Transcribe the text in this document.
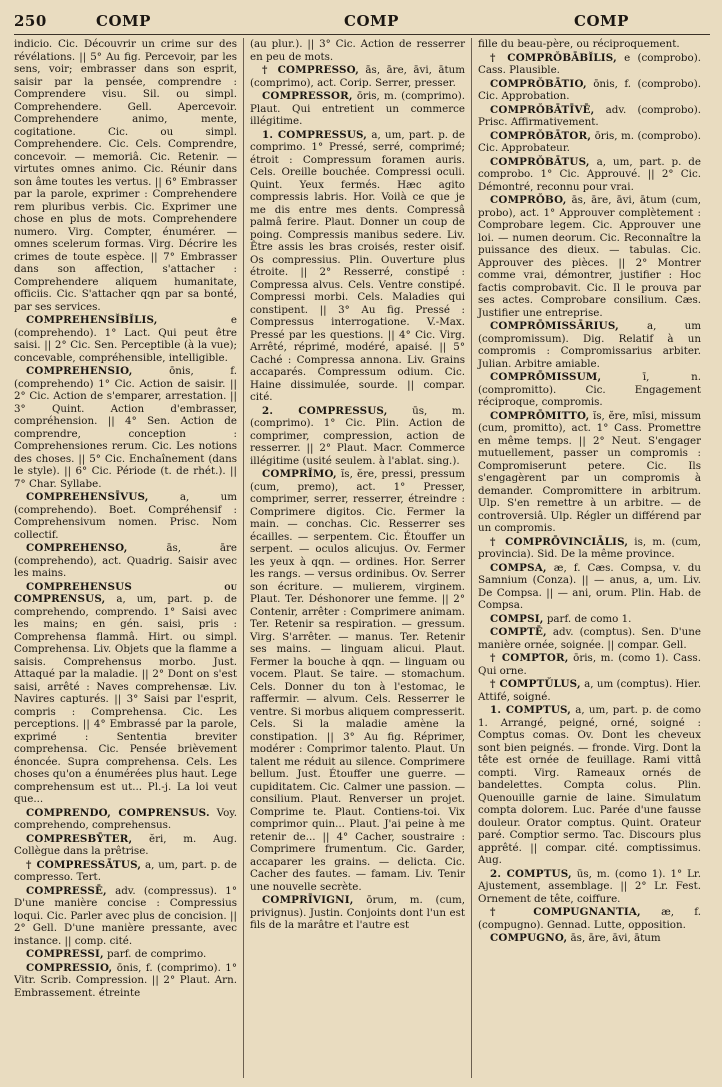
250	COMP	COMP	COMP

indicio. Cic. Découvrir un crime sur des révélations. || 5° Au fig. Percevoir, par les sens, voir; embrasser dans son esprit, saisir par la pensée, comprendre : Comprendere visu. Sil. ou simpl. Comprehendere. Gell. Apercevoir. Comprehendere animo, mente, cogitatione. Cic. ou simpl. Comprehendere. Cic. Cels. Comprendre, concevoir. — memoriâ. Cic. Retenir. — virtutes omnes animo. Cic. Réunir dans son âme toutes les vertus. || 6° Embrasser par la parole, exprimer : Comprehendere rem pluribus verbis. Cic. Exprimer une chose en plus de mots. Comprehendere numero. Virg. Compter, énumérer. — omnes scelerum formas. Virg. Décrire les crimes de toute espèce. || 7° Embrasser dans son affection, s'attacher : Comprehendere aliquem humanitate, officiis. Cic. S'attacher qqn par sa bonté, par ses services.

COMPREHENSĬBĬLIS,	e (comprehendo). 1° Lact. Qui peut être saisi. || 2° Cic. Sen. Perceptible (à la vue); concevable, compréhensible, intelligible.

COMPREHENSIO,	ōnis, f. (comprehendo) 1° Cic. Action de saisir. || 2° Cic. Action de s'emparer, arrestation. || 3° Quint. Action d'embrasser, compréhension. || 4° Sen. Action de comprendre, conception : Comprehensiones rerum. Cic. Les notions des choses. || 5° Cic. Enchaînement (dans le style). || 6° Cic. Période (t. de rhét.). || 7° Char. Syllabe.

COMPREHENSĪVUS,	a, um (comprehendo). Boet. Compréhensif : Comprehensivum nomen. Prisc. Nom collectif.

COMPREHENSO,	ās, āre (comprehendo), act. Quadrig. Saisir avec les mains.

COMPREHENSUS ou COMPRENSUS, a, um, part. p. de comprehendo, comprendo. 1° Saisi avec les mains; en gén. saisi, pris : Comprehensa flammâ. Hirt. ou simpl. Comprehensa. Liv. Objets que la flamme a saisis. Comprehensus morbo. Just. Attaqué par la maladie. || 2° Dont on s'est saisi, arrêté : Naves comprehensæ. Liv. Navires capturés. || 3° Saisi par l'esprit, compris : Comprehensa. Cic. Les perceptions. || 4° Embrassé par la parole, exprimé : Sententia breviter comprehensa. Cic. Pensée brièvement énoncée. Supra comprehensa. Cels. Les choses qu'on a énumérées plus haut. Lege comprehensum est ut... Pl.-j. La loi veut que...

COMPRENDO, COMPRENSUS. Voy. comprehendo, comprehensus.

COMPRESBȲTER, ĕri, m. Aug. Collègue dans la prêtrise.

† COMPRESSĀTUS, a, um, part. p. de compresso. Tert.

COMPRESSĒ, adv. (compressus). 1° D'une manière concise : Compressius loqui. Cic. Parler avec plus de concision. || 2° Gell. D'une manière pressante, avec instance. || comp. cité.

COMPRESSI, parf. de comprimo.

COMPRESSIO, ōnis, f. (comprimo). 1° Vitr. Scrib. Compression. || 2° Plaut. Arn. Embrassement. étreinte

(au plur.). || 3° Cic. Action de resserrer en peu de mots.

† COMPRESSO, ās, āre, āvi, ātum (comprimo), act. Corip. Serrer, presser.

COMPRESSOR, ōris, m. (comprimo). Plaut. Qui entretient un commerce illégitime.

1. COMPRESSUS, a, um, part. p. de comprimo. 1° Pressé, serré, comprimé; étroit : Compressum foramen auris. Cels. Oreille bouchée. Compressi oculi. Quint. Yeux fermés. Hæc agito compressis labris. Hor. Voilà ce que je me dis entre mes dents. Compressâ palmâ ferire. Plaut. Donner un coup de poing. Compressis manibus sedere. Liv. Être assis les bras croisés, rester oisif. Os compressius. Plin. Ouverture plus étroite. || 2° Resserré, constipé : Compressa alvus. Cels. Ventre constipé. Compressi morbi. Cels. Maladies qui constipent. || 3° Au fig. Pressé : Compressus interrogatione. V.-Max. Pressé par les questions. || 4° Cic. Virg. Arrêté, réprimé, modéré, apaisé. || 5° Caché : Compressa annona. Liv. Grains accaparés. Compressum odium. Cic. Haine dissimulée, sourde. || compar. cité.

2. COMPRESSUS, ūs, m. (comprimo). 1° Cic. Plin. Action de comprimer, compression, action de resserrer. || 2° Plaut. Macr. Commerce illégitime (usité seulem. à l'ablat. sing.).

COMPRĬMO, ĭs, ĕre, pressi, pressum (cum, premo), act. 1° Presser, comprimer, serrer, resserrer, étreindre : Comprimere digitos. Cic. Fermer la main. — conchas. Cic. Resserrer ses écailles. — serpentem. Cic. Étouffer un serpent. — oculos alicujus. Ov. Fermer les yeux à qqn. — ordines. Hor. Serrer les rangs. — versus ordinibus. Ov. Serrer son écriture. — mulierem, virginem. Plaut. Ter. Déshonorer une femme. || 2° Contenir, arrêter : Comprimere animam. Ter. Retenir sa respiration. — gressum. Virg. S'arrêter. — manus. Ter. Retenir ses mains. — linguam alicui. Plaut. Fermer la bouche à qqn. — linguam ou vocem. Plaut. Se taire. — stomachum. Cels. Donner du ton à l'estomac, le raffermir. — alvum. Cels. Resserrer le ventre. Si morbus aliquem compresserit. Cels. Si la maladie amène la constipation. || 3° Au fig. Réprimer, modérer : Comprimor talento. Plaut. Un talent me réduit au silence. Comprimere bellum. Just. Étouffer une guerre. — cupiditatem. Cic. Calmer une passion. — consilium. Plaut. Renverser un projet. Comprime te. Plaut. Contiens-toi. Vix comprimor quin... Plaut. J'ai peine à me retenir de... || 4° Cacher, soustraire : Comprimere frumentum. Cic. Garder, accaparer les grains. — delicta. Cic. Cacher des fautes. — famam. Liv. Tenir une nouvelle secrète.

COMPRĪVIGNI, ōrum, m. (cum, privignus). Justin. Conjoints dont l'un est fils de la marâtre et l'autre est

fille du beau-père, ou réciproquement.

† COMPRŎBĀBĬLIS, e (comprobo). Cass. Plausible.

COMPRŎBĀTIO, ōnis, f. (comprobo). Cic. Approbation.

COMPRŎBĀTĪVĒ, adv. (comprobo). Prisc. Affirmativement.

COMPRŎBĀTOR, ōris, m. (comprobo). Cic. Approbateur.

COMPRŎBĀTUS, a, um, part. p. de comprobo. 1° Cic. Approuvé. || 2° Cic. Démontré, reconnu pour vrai.

COMPRŎBO, ās, āre, āvi, ātum (cum, probo), act. 1° Approuver complètement : Comprobare legem. Cic. Approuver une loi. — numen deorum. Cic. Reconnaître la puissance des dieux. — tabulas. Cic. Approuver des pièces. || 2° Montrer comme vrai, démontrer, justifier : Hoc factis comprobavit. Cic. Il le prouva par ses actes. Comprobare consilium. Cæs. Justifier une entreprise.

COMPRŌMISSĀRIUS,	a, um (compromissum). Dig. Relatif à un compromis : Compromissarius arbiter. Julian. Arbitre amiable.

COMPRŌMISSUM,	ī, n. (compromitto). Cic. Engagement réciproque, compromis.

COMPRŌMITTO, ĭs, ĕre, mīsi, missum (cum, promitto), act. 1° Cass. Promettre en même temps. || 2° Neut. S'engager mutuellement, passer un compromis : Compromiserunt petere. Cic. Ils s'engagèrent par un compromis à demander. Compromittere in arbitrum. Ulp. S'en remettre à un arbitre. — de controversiâ. Ulp. Régler un différend par un compromis.

† COMPRŌVINCIĀLIS, is, m. (cum, provincia). Sid. De la même province.

COMPSA, æ, f. Cæs. Compsa, v. du Samnium (Conza). || — anus, a, um. Liv. De Compsa. || — ani, orum. Plin. Hab. de Compsa.

COMPSI, parf. de como 1.

COMPTĒ, adv. (comptus). Sen. D'une manière ornée, soignée. || compar. Gell.

† COMPTOR, ōris, m. (como 1). Cass. Qui orne.

† COMPTŬLUS, a, um (comptus). Hier. Attifé, soigné.

1. COMPTUS, a, um, part. p. de como 1. Arrangé, peigné, orné, soigné : Comptus comas. Ov. Dont les cheveux sont bien peignés. — fronde. Virg. Dont la tête est ornée de feuillage. Rami vittâ compti. Virg. Rameaux ornés de bandelettes. Compta colus. Plin. Quenouille garnie de laine. Simulatum compta dolorem. Luc. Parée d'une fausse douleur. Orator comptus. Quint. Orateur paré. Comptior sermo. Tac. Discours plus apprêté. || compar. cité. comptissimus. Aug.

2. COMPTUS, ūs, m. (como 1). 1° Lr. Ajustement, assemblage. || 2° Lr. Fest. Ornement de tête, coiffure.

† COMPUGNANTIA, æ, f. (compugno). Gennad. Lutte, opposition.

COMPUGNO, ās, āre, āvi, ātum
